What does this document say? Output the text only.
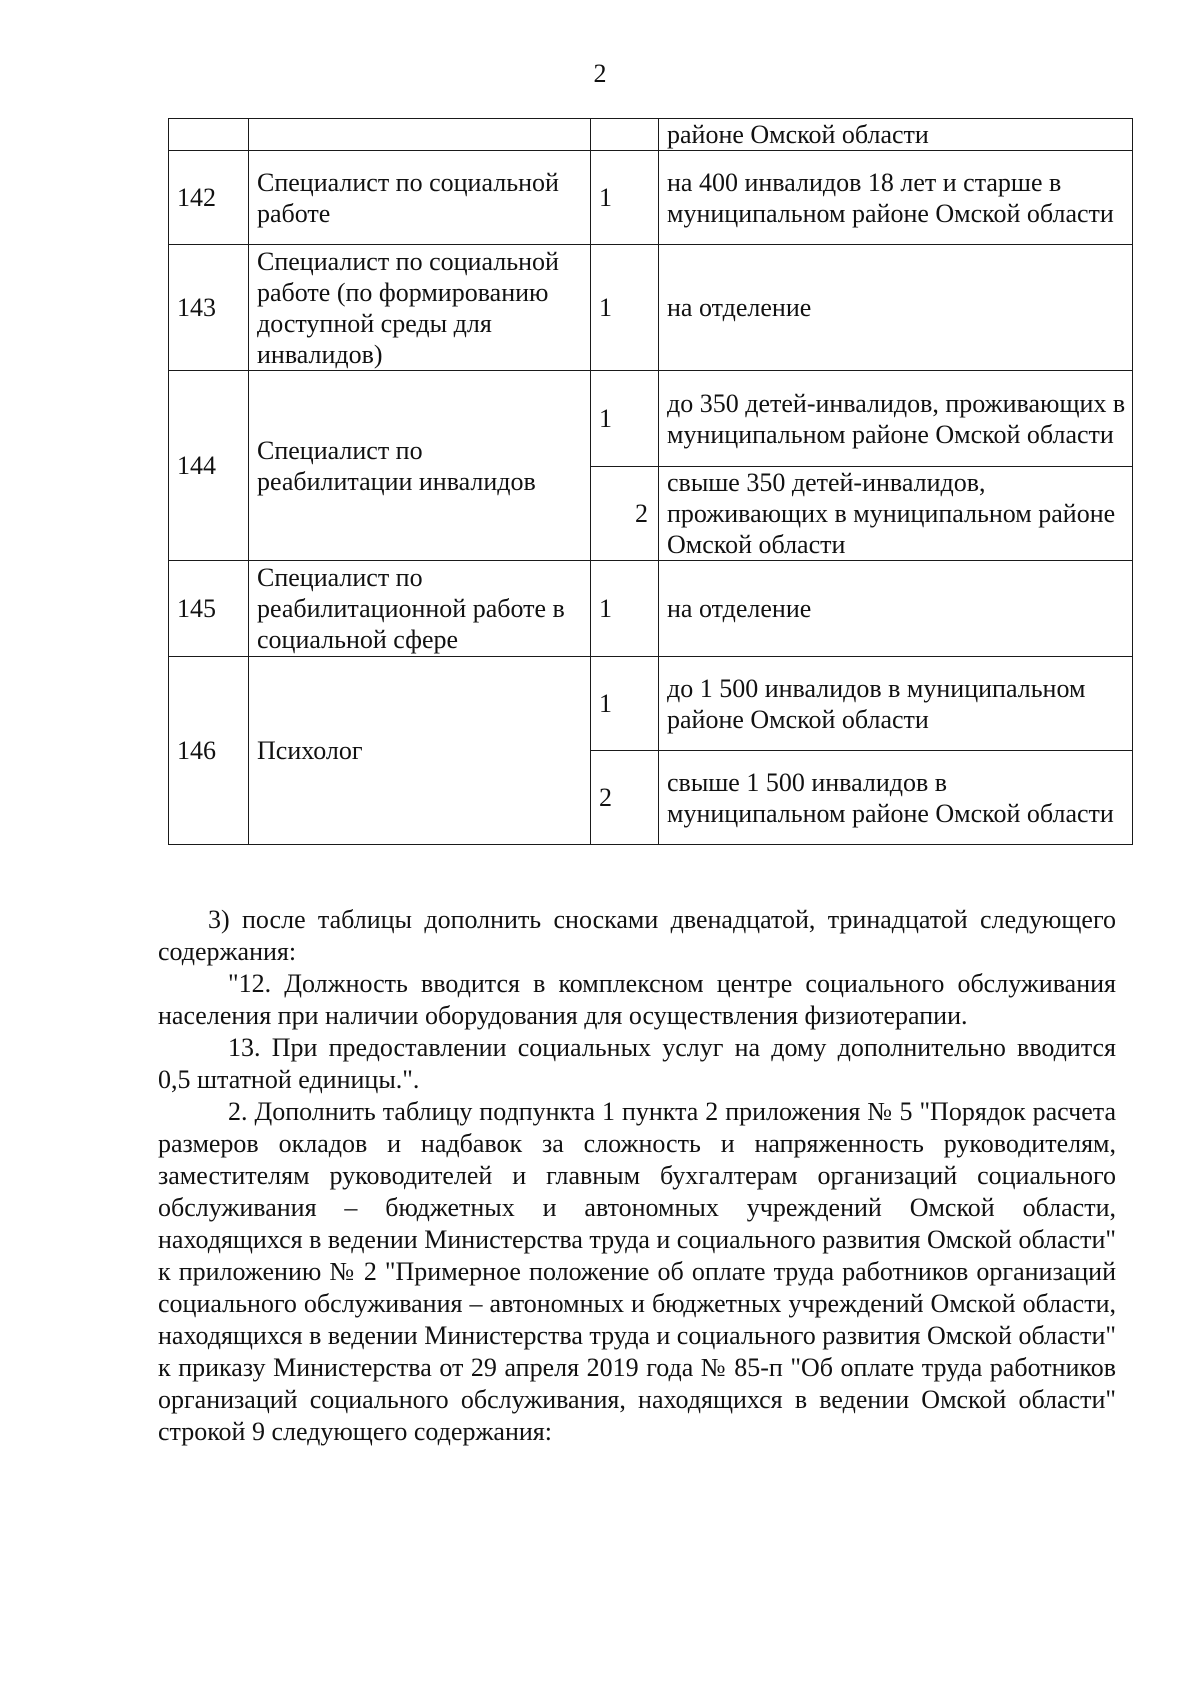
2
			районе Омской области
142	Специалист по социальной работе	1	на 400 инвалидов 18 лет и старше в муниципальном районе Омской области
143	Специалист по социальной работе (по формированию доступной среды для инвалидов)	1	на отделение
144	Специалист по реабилитации инвалидов	1	до 350 детей-инвалидов, проживающих в муниципальном районе Омской области
		2	свыше 350 детей-инвалидов, проживающих в муниципальном районе Омской области
145	Специалист по реабилитационной работе в социальной сфере	1	на отделение
146	Психолог	1	до 1 500 инвалидов в муниципальном районе Омской области
		2	свыше 1 500 инвалидов в муниципальном районе Омской области

3) после таблицы дополнить сносками двенадцатой, тринадцатой следующего содержания:

"12. Должность вводится в комплексном центре социального обслуживания населения при наличии оборудования для осуществления физиотерапии.

13. При предоставлении социальных услуг на дому дополнительно вводится 0,5 штатной единицы.".

2. Дополнить таблицу подпункта 1 пункта 2 приложения № 5 "Порядок расчета размеров окладов и надбавок за сложность и напряженность руководителям, заместителям руководителей и главным бухгалтерам организаций социального обслуживания – бюджетных и автономных учреждений Омской области, находящихся в ведении Министерства труда и социального развития Омской области" к приложению № 2 "Примерное положение об оплате труда работников организаций социального обслуживания – автономных и бюджетных учреждений Омской области, находящихся в ведении Министерства труда и социального развития Омской области" к приказу Министерства от 29 апреля 2019 года № 85-п "Об оплате труда работников организаций социального обслуживания, находящихся в ведении Омской области" строкой 9 следующего содержания:
